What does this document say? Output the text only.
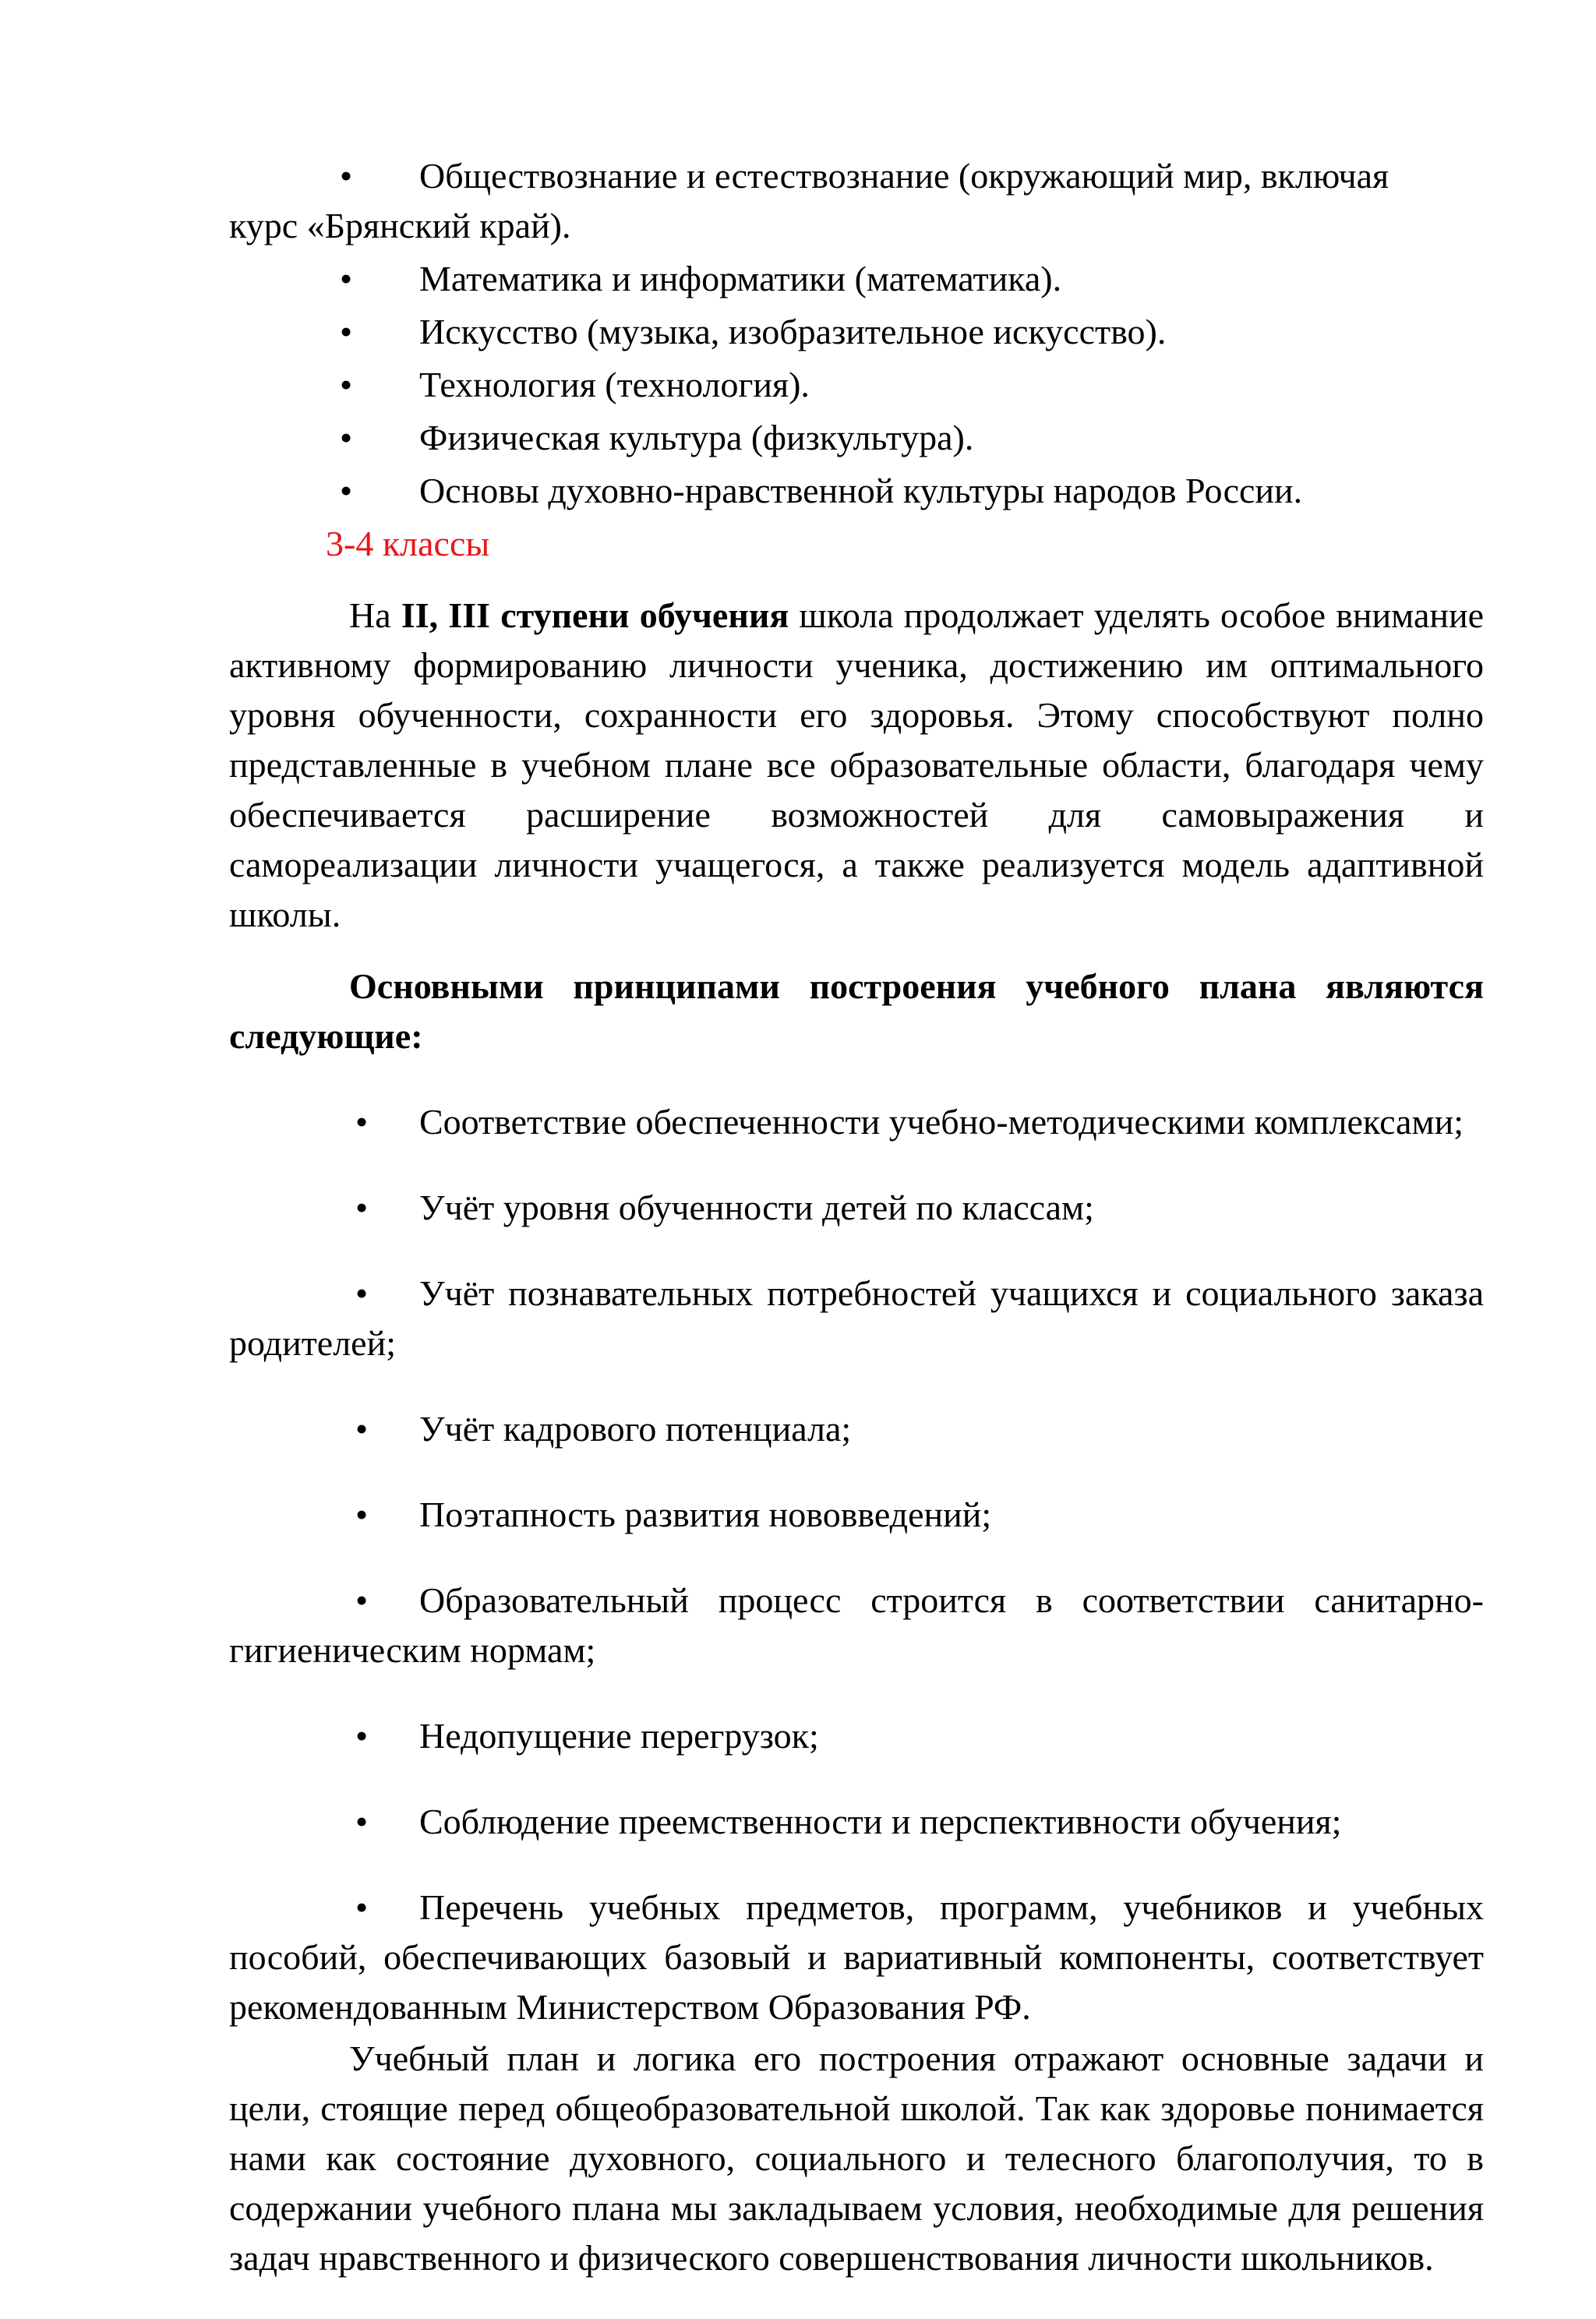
• Обществознание и естествознание (окружающий мир, включая

курс «Брянский край).

• Математика и информатики (математика).

• Искусство (музыка, изобразительное искусство).

• Технология (технология).

• Физическая культура (физкультура).

• Основы духовно-нравственной культуры народов России.

3-4 классы

На II, III ступени обучения школа продолжает уделять особое внимание активному формированию личности ученика, достижению им оптимального уровня обученности, сохранности его здоровья. Этому способствуют полно представленные в учебном плане все образовательные области, благодаря чему обеспечивается расширение возможностей для самовыражения и самореализации личности учащегося, а также реализуется модель адаптивной школы.

Основными принципами построения учебного плана являются следующие:

• Соответствие обеспеченности учебно-методическими комплексами;

• Учёт уровня обученности детей по классам;

• Учёт познавательных потребностей учащихся и социального заказа родителей;

• Учёт кадрового потенциала;

• Поэтапность развития нововведений;

• Образовательный процесс строится в соответствии санитарно-гигиеническим нормам;

• Недопущение перегрузок;

• Соблюдение преемственности и перспективности обучения;

• Перечень учебных предметов, программ, учебников и учебных пособий, обеспечивающих базовый и вариативный компоненты, соответствует рекомендованным Министерством Образования РФ.

Учебный план и логика его построения отражают основные задачи и цели, стоящие перед общеобразовательной школой. Так как здоровье понимается нами как состояние духовного, социального и телесного благополучия, то в содержании учебного плана мы закладываем условия, необходимые для решения задач нравственного и физического совершенствования личности школьников.
